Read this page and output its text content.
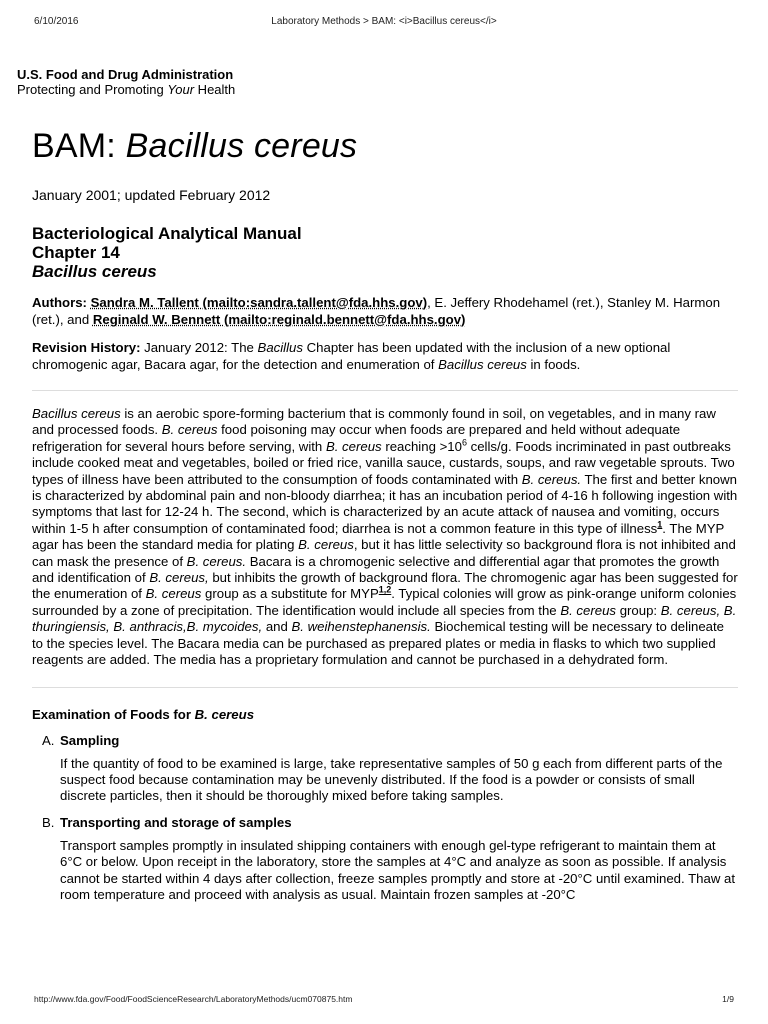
6/10/2016	Laboratory Methods > BAM: <i>Bacillus cereus</i>
U.S. Food and Drug Administration
Protecting and Promoting Your Health
BAM: Bacillus cereus
January 2001; updated February 2012
Bacteriological Analytical Manual
Chapter 14
Bacillus cereus

Authors: Sandra M. Tallent (mailto:sandra.tallent@fda.hhs.gov), E. Jeffery Rhodehamel (ret.), Stanley M. Harmon (ret.), and Reginald W. Bennett (mailto:reginald.bennett@fda.hhs.gov)

Revision History: January 2012: The Bacillus Chapter has been updated with the inclusion of a new optional chromogenic agar, Bacara agar, for the detection and enumeration of Bacillus cereus in foods.

Bacillus cereus is an aerobic spore-forming bacterium that is commonly found in soil, on vegetables, and in many raw and processed foods. B. cereus food poisoning may occur when foods are prepared and held without adequate refrigeration for several hours before serving, with B. cereus reaching $>10^6$ cells/g. Foods incriminated in past outbreaks include cooked meat and vegetables, boiled or fried rice, vanilla sauce, custards, soups, and raw vegetable sprouts. Two types of illness have been attributed to the consumption of foods contaminated with B. cereus. The first and better known is characterized by abdominal pain and non-bloody diarrhea; it has an incubation period of 4-16 h following ingestion with symptoms that last for 12-24 h. The second, which is characterized by an acute attack of nausea and vomiting, occurs within 1-5 h after consumption of contaminated food; diarrhea is not a common feature in this type of illness$^1$. The MYP agar has been the standard media for plating B. cereus, but it has little selectivity so background flora is not inhibited and can mask the presence of B. cereus. Bacara is a chromogenic selective and differential agar that promotes the growth and identification of B. cereus, but inhibits the growth of background flora. The chromogenic agar has been suggested for the enumeration of B. cereus group as a substitute for MYP$^{1,2}$. Typical colonies will grow as pink-orange uniform colonies surrounded by a zone of precipitation. The identification would include all species from the B. cereus group: B. cereus, B. thuringiensis, B. anthracis,B. mycoides, and B. weihenstephanensis. Biochemical testing will be necessary to delineate to the species level. The Bacara media can be purchased as prepared plates or media in flasks to which two supplied reagents are added. The media has a proprietary formulation and cannot be purchased in a dehydrated form.

Examination of Foods for B. cereus
A. Sampling
If the quantity of food to be examined is large, take representative samples of 50 g each from different parts of the suspect food because contamination may be unevenly distributed. If the food is a powder or consists of small discrete particles, then it should be thoroughly mixed before taking samples.
B. Transporting and storage of samples
Transport samples promptly in insulated shipping containers with enough gel-type refrigerant to maintain them at 6°C or below. Upon receipt in the laboratory, store the samples at 4°C and analyze as soon as possible. If analysis cannot be started within 4 days after collection, freeze samples promptly and store at -20°C until examined. Thaw at room temperature and proceed with analysis as usual. Maintain frozen samples at -20°C
http://www.fda.gov/Food/FoodScienceResearch/LaboratoryMethods/ucm070875.htm	1/9
